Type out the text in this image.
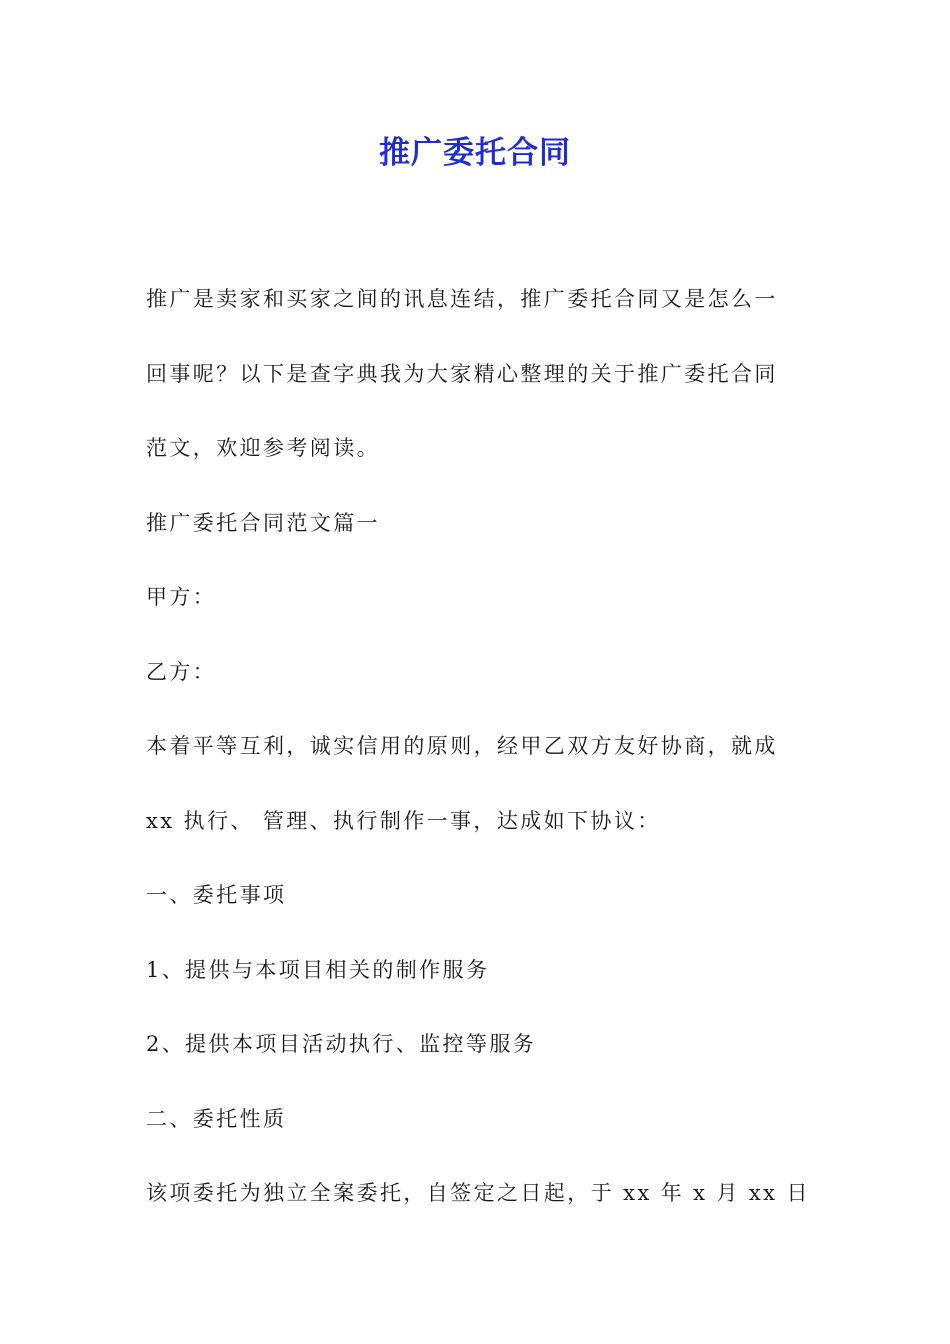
推广委托合同

推广是卖家和买家之间的讯息连结，推广委托合同又是怎么一

回事呢？以下是查字典我为大家精心整理的关于推广委托合同

范文，欢迎参考阅读。

推广委托合同范文篇一

甲方：

乙方：

本着平等互利，诚实信用的原则，经甲乙双方友好协商，就成

xx 执行、 管理、执行制作一事，达成如下协议：

一、委托事项

1、提供与本项目相关的制作服务

2、提供本项目活动执行、监控等服务

二、委托性质

该项委托为独立全案委托，自签定之日起，于 xx 年 x 月 xx 日
